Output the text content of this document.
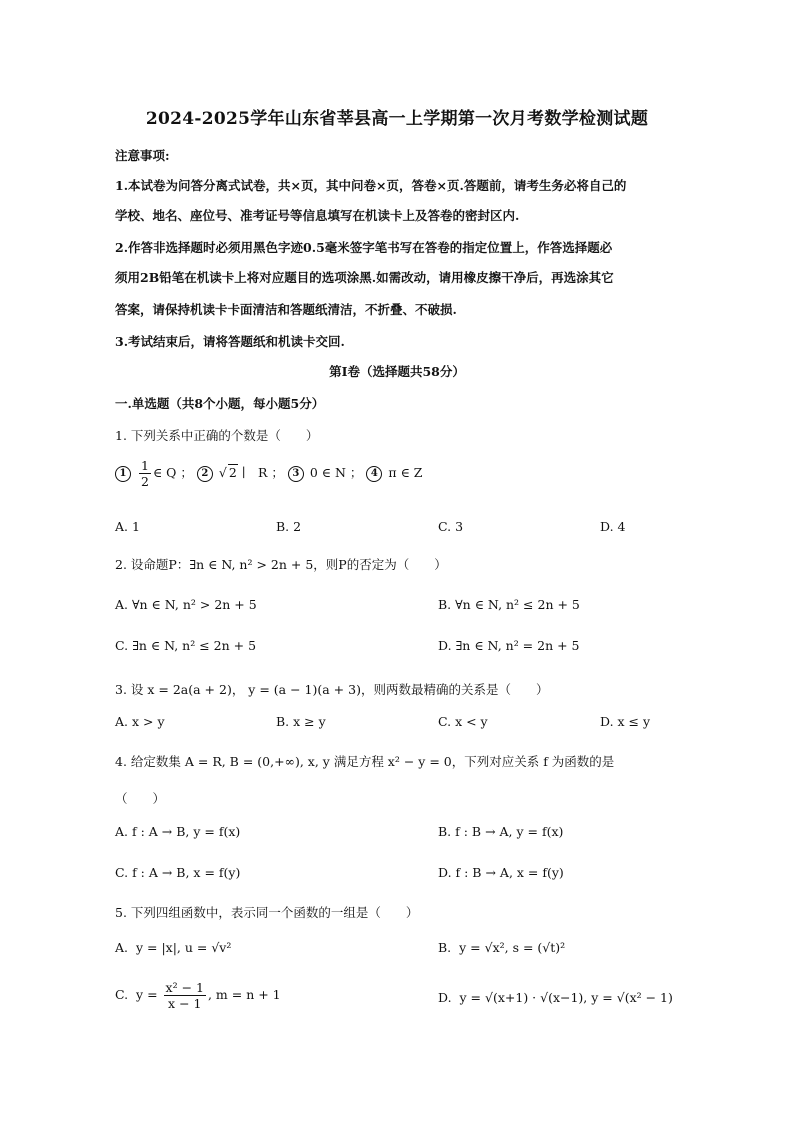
2024-2025学年山东省莘县高一上学期第一次月考数学检测试题
注意事项:
1.本试卷为问答分离式试卷，共×页，其中问卷×页，答卷×页.答题前，请考生务必将自己的
学校、地名、座位号、准考证号等信息填写在机读卡上及答卷的密封区内.
2.作答非选择题时必须用黑色字迹0.5毫米签字笔书写在答卷的指定位置上，作答选择题必
须用2B铅笔在机读卡上将对应题目的选项涂黑.如需改动，请用橡皮擦干净后，再选涂其它
答案，请保持机读卡卡面清洁和答题纸清洁，不折叠、不破损.
3.考试结束后，请将答题纸和机读卡交回.
第Ⅰ卷（选择题共58分）
一.单选题（共8个小题，每小题5分）
1. 下列关系中正确的个数是（　　）
$1 \frac{1}{2}$ ∈ Q ； 2 √ 2 ∣　R ； 3 0 ∈ N ； 4 π ∈ Z
A. 1	B. 2	C. 3	D. 4
2. 设命题P：∃n ∈ N, n² > 2n + 5，则P的否定为（　　）
A. ∀n ∈ N, n² > 2n + 5	B. ∀n ∈ N, n² ≤ 2n + 5
C. ∃n ∈ N, n² ≤ 2n + 5	D. ∃n ∈ N, n² = 2n + 5
3. 设 x = 2a(a + 2)， y = (a − 1)(a + 3)，则两数最精确的关系是（　　）
A. x > y	B. x ≥ y	C. x < y	D. x ≤ y
4. 给定数集 A = R, B = (0,+∞), x, y 满足方程 x² − y = 0，下列对应关系 f 为函数的是
（　　）
A. f : A → B, y = f(x)	B. f : B → A, y = f(x)
C. f : A → B, x = f(y)	D. f : B → A, x = f(y)
5. 下列四组函数中，表示同一个函数的一组是（　　）
A. y = |x|, u = √v²	B. y = √x², s = (√t)²
C. $y = \frac{\text{x² − 1}}{x - 1}$ , m = n + 1	D. y = √(x+1) · √(x−1), y = √(x² − 1)
